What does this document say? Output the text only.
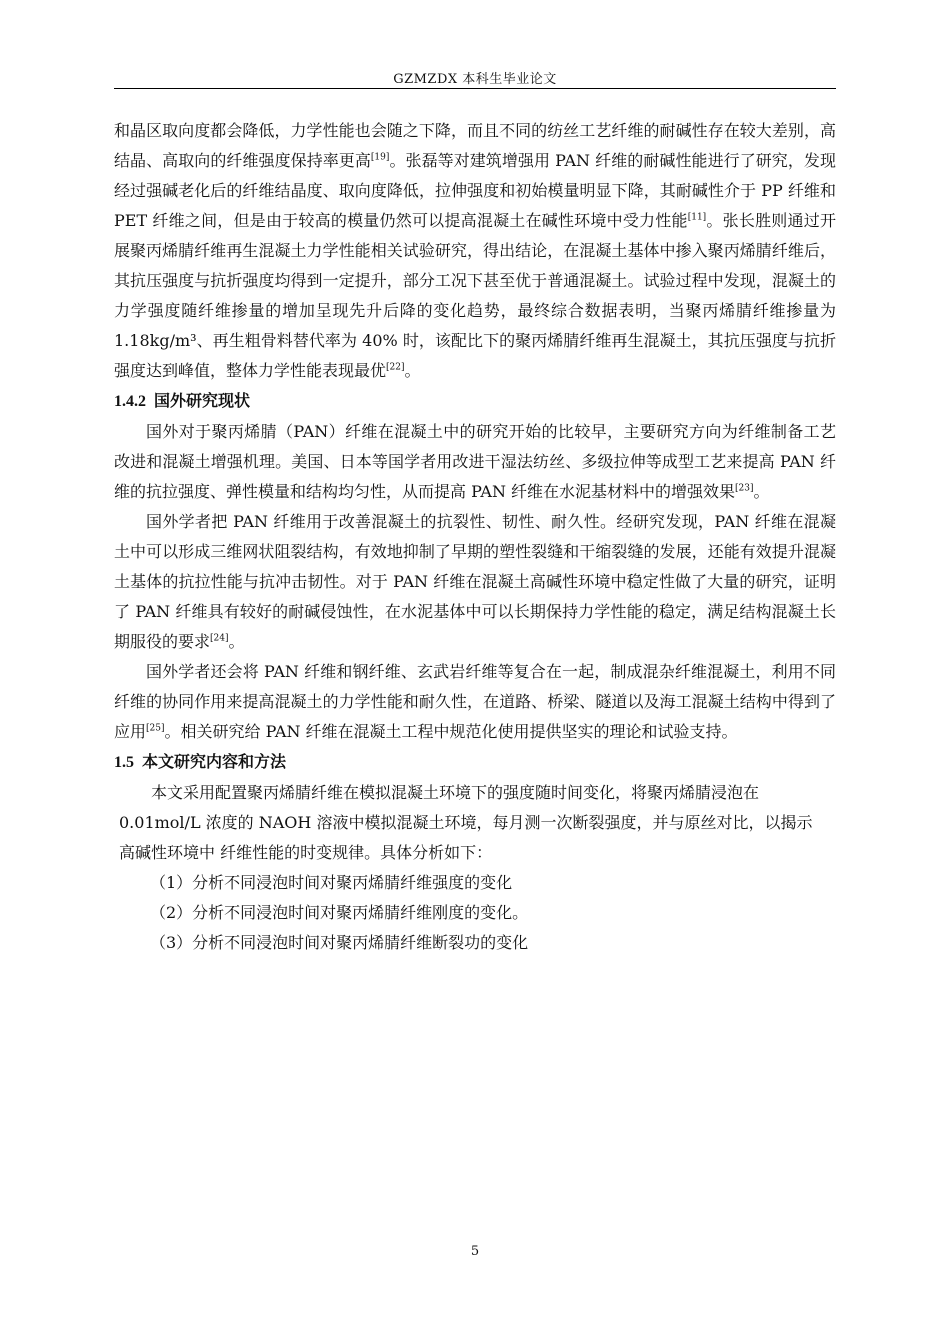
GZMZDX 本科生毕业论文

和晶区取向度都会降低，力学性能也会随之下降，而且不同的纺丝工艺纤维的耐碱性存在较大差别，高结晶、高取向的纤维强度保持率更高[19]。张磊等对建筑增强用 PAN 纤维的耐碱性能进行了研究，发现经过强碱老化后的纤维结晶度、取向度降低，拉伸强度和初始模量明显下降，其耐碱性介于 PP 纤维和 PET 纤维之间，但是由于较高的模量仍然可以提高混凝土在碱性环境中受力性能[11]。张长胜则通过开展聚丙烯腈纤维再生混凝土力学性能相关试验研究，得出结论，在混凝土基体中掺入聚丙烯腈纤维后，其抗压强度与抗折强度均得到一定提升，部分工况下甚至优于普通混凝土。试验过程中发现，混凝土的力学强度随纤维掺量的增加呈现先升后降的变化趋势，最终综合数据表明，当聚丙烯腈纤维掺量为 1.18kg/m³、再生粗骨料替代率为 40% 时，该配比下的聚丙烯腈纤维再生混凝土，其抗压强度与抗折强度达到峰值，整体力学性能表现最优[22]。

1.4.2 国外研究现状

国外对于聚丙烯腈（PAN）纤维在混凝土中的研究开始的比较早，主要研究方向为纤维制备工艺改进和混凝土增强机理。美国、日本等国学者用改进干湿法纺丝、多级拉伸等成型工艺来提高 PAN 纤维的抗拉强度、弹性模量和结构均匀性，从而提高 PAN 纤维在水泥基材料中的增强效果[23]。

国外学者把 PAN 纤维用于改善混凝土的抗裂性、韧性、耐久性。经研究发现，PAN 纤维在混凝土中可以形成三维网状阻裂结构，有效地抑制了早期的塑性裂缝和干缩裂缝的发展，还能有效提升混凝土基体的抗拉性能与抗冲击韧性。对于 PAN 纤维在混凝土高碱性环境中稳定性做了大量的研究，证明了 PAN 纤维具有较好的耐碱侵蚀性，在水泥基体中可以长期保持力学性能的稳定，满足结构混凝土长期服役的要求[24]。

国外学者还会将 PAN 纤维和钢纤维、玄武岩纤维等复合在一起，制成混杂纤维混凝土，利用不同纤维的协同作用来提高混凝土的力学性能和耐久性，在道路、桥梁、隧道以及海工混凝土结构中得到了应用[25]。相关研究给 PAN 纤维在混凝土工程中规范化使用提供坚实的理论和试验支持。

1.5 本文研究内容和方法

本文采用配置聚丙烯腈纤维在模拟混凝土环境下的强度随时间变化，将聚丙烯腈浸泡在 0.01mol/L 浓度的 NAOH 溶液中模拟混凝土环境，每月测一次断裂强度，并与原丝对比，以揭示高碱性环境中 纤维性能的时变规律。具体分析如下：

（1）分析不同浸泡时间对聚丙烯腈纤维强度的变化

（2）分析不同浸泡时间对聚丙烯腈纤维刚度的变化。

（3）分析不同浸泡时间对聚丙烯腈纤维断裂功的变化

5
